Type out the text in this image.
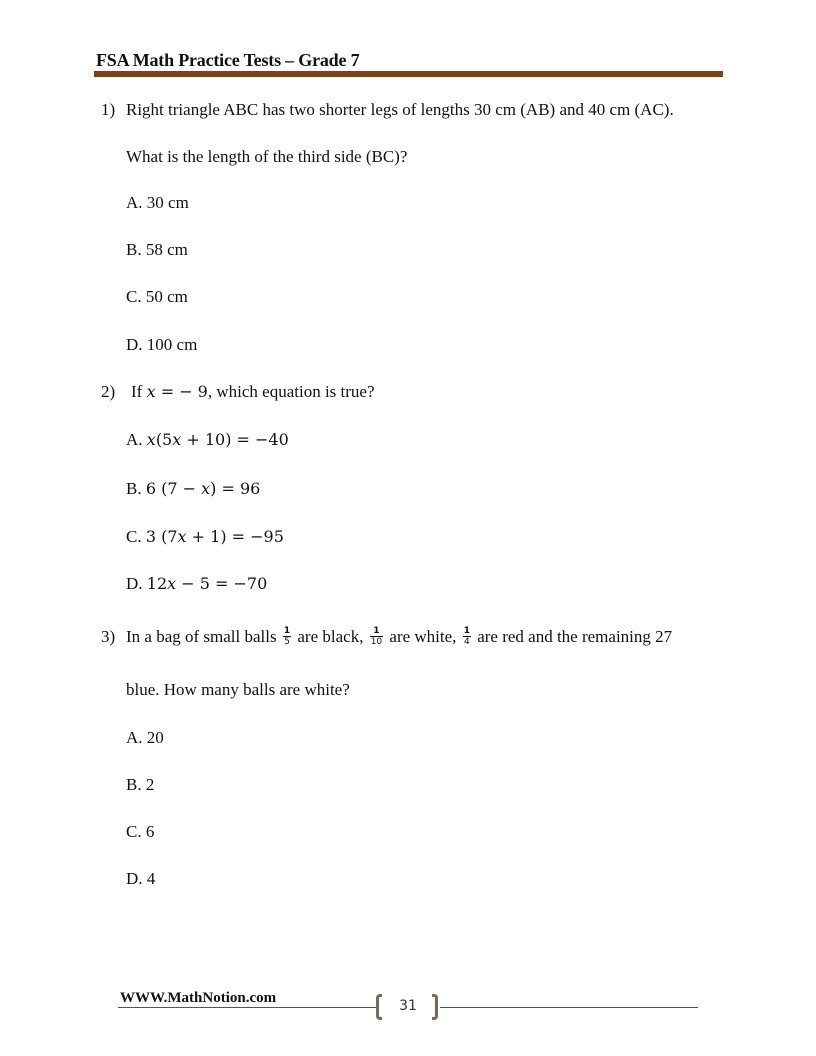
FSA Math Practice Tests – Grade 7
1) Right triangle ABC has two shorter legs of lengths 30 cm (AB) and 40 cm (AC).
What is the length of the third side (BC)?
A. 30 cm
B. 58 cm
C. 50 cm
D. 100 cm
2) If x = − 9, which equation is true?
A. x(5x + 10) = −40
B. 6 (7 − x) = 96
C. 3 (7x + 1) = −95
D. 12x − 5 = −70
3) In a bag of small balls $\frac{1}{5}$ are black, $\frac{1}{10}$ are white, $\frac{1}{4}$ are red and the remaining 27
blue. How many balls are white?
A. 20
B. 2
C. 6
D. 4
WWW.MathNotion.com	31
